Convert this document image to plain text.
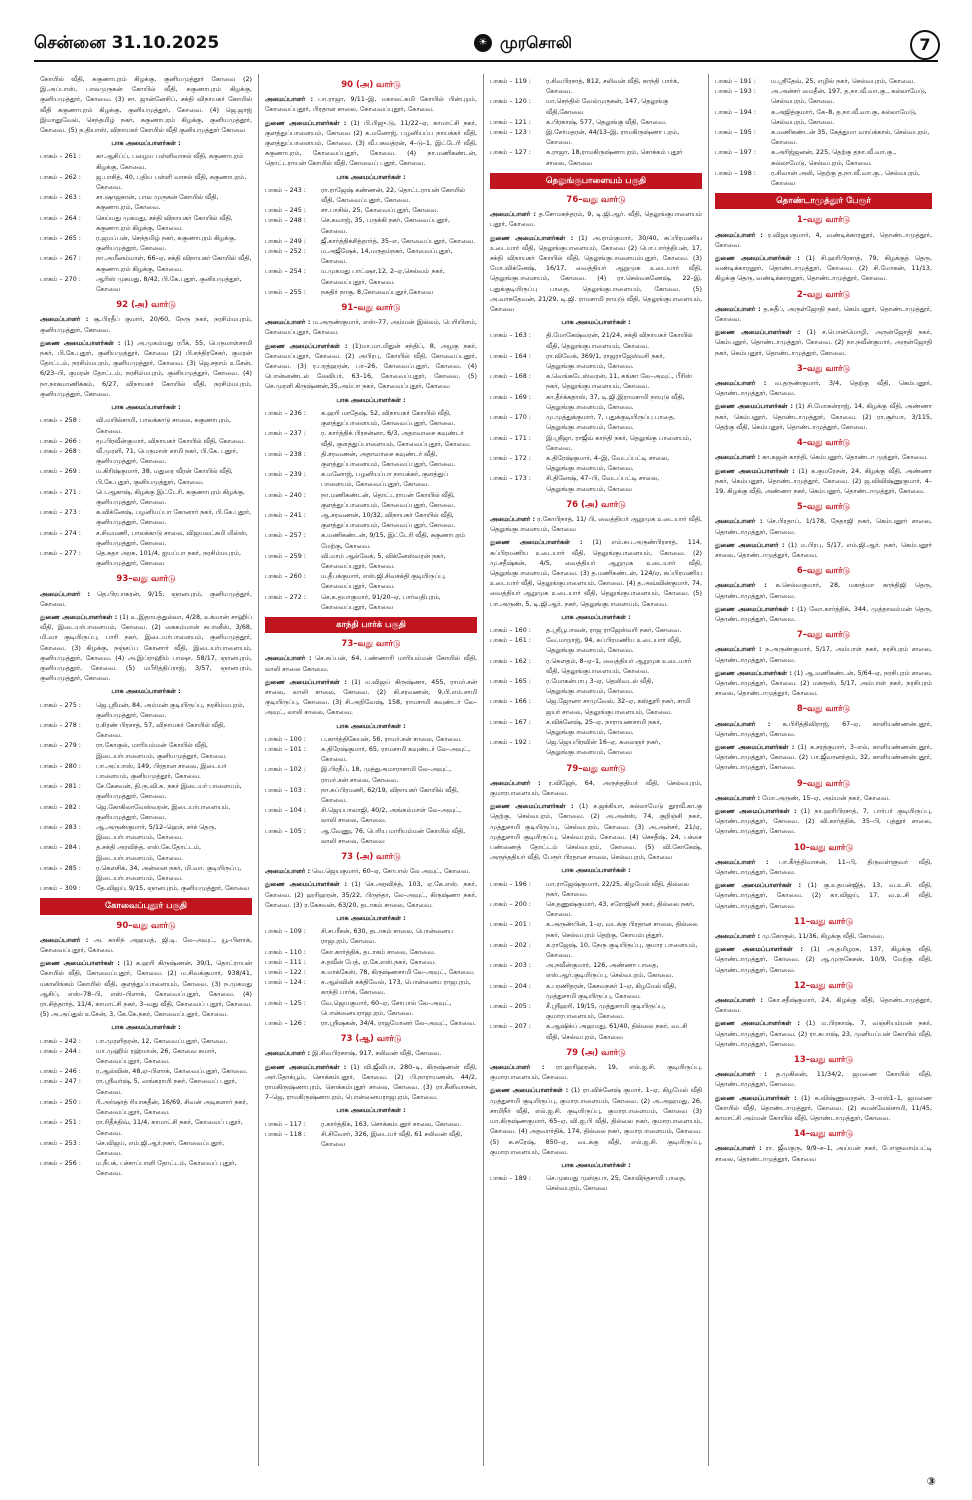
சென்னை 31.10.2025	☀ முரசொலி	7

கோயில் வீதி, சுகுணாபுரம் கிழக்கு, குனியமுத்தூர் கோவை (2) இ.அப்பாஸ், பாலமுருகன் கோயில் வீதி, சுகுணாபுரம் கிழக்கு, குனியமுத்தூர், கோவை. (3) சா. ஜான்னேசிப், சக்தி விநாயகர் கோயில் வீதி சுகுணாபுரம் கிழக்கு, குனியமுத்தூர், கோவை. (4) ஜெ.ஜாஜ் இமானுவேல், செந்தமிழ் நகர், சுகுணாபுரம் கிழக்கு, குனியமுத்தூர், கோவை. (5) ந.தியாஸ், விநாயகர் கோயில் வீதி குனியமுத்தூர் கோவை

பாக அமைப்பாளர்கள் :
பாகம் – 261 :	கா.ஆசிப்ப், பழைய பள்ளிவாசல் வீதி, சுகுணாபுரம் கிழக்கு, கோவை.
பாகம் – 262 :	ஜ.பாசித், 40, புதிய பள்ளி வாசல் வீதி, சுகுணாபுரம், கோவை.
பாகம் – 263 :	சா.ஷாஜகான், பால முருகன் கோயில் வீதி, சுகுணாபுரம், கோவை.
பாகம் – 264 :	செய்யது முகமது, சக்தி விநாயகர் கோயில் வீதி, சுகுணாபுரம் கிழக்கு, கோவை.
பாகம் – 265 :	ர.ஜமப்பன், செந்தமிழ் நகர், சுகுணாபுரம் கிழக்கு, குனியமுத்தூர், கோவை.
பாகம் – 267 :	நா.அமீனம்மாள், 66–ஏ, சக்தி விநாயகர் கோயில் வீதி, சுகுணாபுரம் கிழக்கு, கோவை.
பாகம் – 270 :	ஆரிஸ் முகமது, 8/42, பி.கே.புதூர், குனியமுத்தூர், கோவை
92 (அ) வார்டு

அமைப்பாளர் : சூ.பிரதீப் குமார், 20/60, நேரு நகர், நரசிம்மபுரம், குனியமுத்தூர், கோவை.

துணை அமைப்பாளர்கள் : (1) அ.முகம்மது ரபீக், 55, பெருமாள்சாமி நகர், பி.கே.புதூர், குனியமுத்தூர், கோவை (2) பி.சந்திரசேகர், குமரன் தோட்டம், நரசிம்மபுரம், குனியமுத்தூர், கோவை. (3) ஜெ.சதாம் உசேன், 6/23–பி, குமரன் தோட்டம், நரசிம்மபுரம், குனியமுத்தூர், கோவை. (4) நா.நாகமாணிக்கம், 6/27, விநாயகர் கோயில் வீதி, நரசிம்மபுரம், குனியமுத்தூர், கோவை.

பாக அமைப்பாளர்கள் :
பாகம் – 258 :	வி.மயில்சாமி, பாலக்காடு சாலை, சுகுணாபுரம், கோவை.
பாகம் – 266 :	மூ.பிரவீன்குமார், விநாயகர் கோயில் வீதி, கோவை.
பாகம் – 268 :	வீ.முரளி, 71, பெருமாள் சாமி நகர், பி.கே. புதூர், குனியமுத்தூர், கோவை.
பாகம் – 269 :	ம.கிரிஷ்குமார், 38, மதுரை வீரன் கோயில் வீதி, பி.கே.புதூர், குனியமுத்தூர், கோவை.
பாகம் – 271 :	பெ.ஆகாஷ், கிழக்கு இட்டேரி, சுகுணாபுரம் கிழக்கு, குனியமுத்தூர், கோவை.
பாகம் – 273 :	க.விக்னேஷ், பழனியப்பா கோனார் நகர், பி.கே.புதூர், குனியமுத்தூர், கோவை.
பாகம் – 274 :	ச.சிவமணி, பாலக்காடு சாலை, விஜயலட்சுமி மில்ஸ், குனியமுத்தூர், கோவை.
பாகம் – 277 :	தெ.சுதா அரசு, 101/4, ஐயப்பா நகர், நரசிம்மபுரம், குனியமுத்தூர், கோவை
93–வது வார்டு

அமைப்பாளர் : தெ.பிரபாகரன், 9/15, ஞானபுரம், குனியமுத்தூர், கோவை.

துணை அமைப்பாளர்கள் : (1) உ.இதாயத்துல்லா, 4/28, உக்மான் சாஹிப் வீதி, இடையர்பாளையம், கோவை. (2) கைகம்மான் சுபானீஸ், 3/68, மி.வா குடியிருப்பு, பாரி நகர், இடையர்பாளையம், குனியமுத்தூர், கோவை. (3) கிழக்கு, நஞ்சப்ப கோனார் வீதி, இடையர்பாளையம், குனியமுத்தூர், கோவை. (4) அ.இப்ராஹிம் பாஷா, 58/17, ஞானபுரம், குனியமுத்தூர், கோவை. (5) மபீரித்திப்ராஜ், 3/57, ஞானபுரம், குனியமுத்தூர், கோவை.

பாக அமைப்பாளர்கள் :
பாகம் – 275 :	ஜெ.ஸ்ரீமன், 84, அம்மன் குடியிருப்பு, நரசிம்மபுரம், குனியமுத்தூர், கோவை.
பாகம் – 278 :	ர.சிரண் பிரசாத், 57, விநாயகர் கோயில் வீதி, கோவை.
பாகம் – 279 :	ரா.கோகுல், மாரியம்மன் கோயில் வீதி, இடையர்பாளையம், குனியமுத்தூர், கோவை.
பாகம் – 280 :	பா.அப்பாஸ், 149, பிரதான சாலை, இடையர் பாளையம், குனியமுத்தூர், கோவை.
பாகம் – 281 :	சே.கேசவன், தி.ரு.வி.க. நகர் இடையர் பாளையம், குனியமுத்தூர், கோவை.
பாகம் – 282 :	ஜெ.கோகிலாவேஸ்வரன், இடையர்பாளையம், குனியமுத்தூர், கோவை.
பாகம் – 283 :	ஆ.அருண்குமார், 5/12–ஹெச், சர்ச் தெரு, இடையர்பாளையம், கோவை.
பாகம் – 284 :	த.சக்தி அரவிந்த், எஸ்.கே.தோட்டம், இடையர்பாளையம், கோவை.
பாகம் – 285 :	ர.கௌசிக், 34, அன்னை நகர், மி.வா. குடியிருப்பு, இடையர்பாளையம், கோவை.
பாகம் – 309 :	தே.விஜய், 9/15, ஞானபுரம், குனியமுத்தூர், கோவை
கோவைப்புதூர் பகுதி
90–வது வார்டு

அமைப்பாளர் : அ. காசிந் அஹமத், ஜி.டி. லே–அவுட், யூ–பிளாக், கோவைப்புதூர், கோவை.

துணை அமைப்பாளர்கள் : (1) க.ஹரி கிருஷ்ணன், 39/1, தொட்ராயன் கோயில் வீதி, கோவைப்புதூர், கோவை. (2) ம.சிவக்குமார், 938/41, மகாலிங்கம் கோயில் வீதி, குளத்துப்பாளையம், கோவை. (3) ந.முகமது ஆசிப், எஸ்–78–பி, எஸ்–பிளாக், கோவைப்புதூர், கோவை. (4) ரா.சித்தார்த், 11/4, காமாட்சி நகர், 3–வது வீதி, கோவைப் புதூர், கோவை. (5) அ.அப்துல் உசேன், 3, கே.கே.நகர், கோவைப்புதூர், கோவை.

பாக அமைப்பாளர்கள் :
பாகம் – 242 :	பா.முரளிதரன், 12, கோவைப்புதூர், கோவை.
பாகம் – 244 :	யா.முஹிம் ரஹ்மான், 26, கோவை சுமார், கோவைப்புதூர், கோவை.
பாகம் – 246 :	ர.ஆல்வின், 48,ஏ–பிளாக், கோவைப்புதூர், கோவை.
பாகம் – 247 :	ரா.ஸ்ரீவர்ஷ், 5, ஸங்கராயி நகர், கோவைப் புதூர், கோவை.
பாகம் – 250 :	ரி.அர்ஷாத் ரியாசுதீன், 16/69, சிவன் அடிகளார் நகர், கோவைப்புதூர், கோவை.
பாகம் – 251 :	ரா.ரிதீந்திவ், 11/4, காமாட்சி நகர், கோவைப் புதூர், கோவை.
பாகம் – 253 :	செ.விஜய், எம்.ஜி.ஆர்.நகர், கோவைப்புதூர், கோவை.
பாகம் – 256 :	ம.நீபக், பச்சாப்பாளி தோட்டம், கோவைப் புதூர், கோவை.
90 (அ) வார்டு

அமைப்பாளர் : பா.ராஜா, 9/11–இ, மகாலட்சுமி கோயில் பின்புறம், கோவைப்புதூர், பிரதான சாலை, கோவைப்புதூர், கோவை.

துணை அமைப்பாளர்கள் : (1) பி.பிஜு.டு, 11/22–ஏ, காமாட்சி நகர், குளத்துப்பாளையம், கோவை (2) க.மனோஜ், பழனியப்ப நாயக்கர் வீதி, குளத்துப்பாளையம், கோவை. (3) வீ.பகவத்ரன், 4–டு–1, இட்டேரி வீதி, சுகுணாபுரம், கோவைப்புதூர், கோவை. (4) நா.மணிகண்டன், தொட்டராயன் கோயில் வீதி, கோவைப் புதூர், கோவை.

பாக அமைப்பாளர்கள் :
பாகம் – 243 :	ரா.ராஜேஷ் கண்ணன், 22, தொட்டராயன் கோயில் வீதி, கோவைப்புதூர், கோவை.
பாகம் – 245 :	சா.பாசில், 25, கோவைப்புதூர், கோவை.
பாகம் – 248 :	செ.கவாஜ், 35, பருக்கி நகர், கோவைப்புதூர், கோவை.
பாகம் – 249 :	ஜீ.கார்த்திக்சித்தார்த், 35–எ, கோவைப்புதூர், கோவை.
பாகம் – 252 :	ம.அஜீஷேக், 14,மருதம்நகர், கோவைப்புதூர், கோவை.
பாகம் – 254 :	ம.முகமது பாட்ஷா,12, 2–ஏ,செல்வம் நகர், கோவைப்புதூர், கோவை.
பாகம் – 255 :	நசுதிர் நாகு, 8,கோவைப்புதூர்,கோவை
91–வது வார்டு

அமைப்பாளர் : ம.அருண்குமார், எஸ்–77, அம்மன் இல்லம், பெரியிளம், கோவைப்புதூர், கோவை.

துணை அமைப்பாளர்கள் : (1)மா.மா.மிதுன் சந்திப், 8, அழகு நகர், கோவைப்புதூர், கோவை. (2) அபிரபு, கோயில் வீதி, கோவைப்புதூர், கோவை. (3) ர.பரத்ஹரன், பா–26, கோவைப்புதூர், கோவை. (4) பொன்னண்டல் லேவிபர், 63–16, கோவைப்புதூர், கோவை. (5) செ.முரளி கிருஷ்ணன்,35,அம்பா நகர், கோவைப்புதூர், கோவை

பாக அமைப்பாளர்கள் :
பாகம் – 236 :	க.ஹரி மாதேஷ், 52, விநாயகர் கோயில் வீதி, குளத்துப்பாளையம், கோவைப்புதூர், கோவை.
பாகம் – 237 :	ர. கார்த்திக் பிரசன்னா, 6/3, அதாவாசை கவுண்டர் வீதி, குளத்துப்பாளையம், கோவைப்புதூர், கோவை.
பாகம் – 238 :	தி.சரவணன், அதாவாசை கவுண்டர் வீதி, குளத்துப்பாளையம், கோவைப்புதூர், கோவை.
பாகம் – 239 :	க.மனோஜ், பழனியப்பா நாயக்கர், குளத்துப் பாளையம், கோவைப்புதூர், கோவை.
பாகம் – 240 :	நா.மணிகண்டன், தொட்டராயன் கோயில் வீதி, குளத்துப்பாளையம், கோவைப்புதூர், கோவை.
பாகம் – 241 :	ஆ.சரவணன், 10/32, விநாயகர் கோயில் வீதி, குளத்துப்பாளையம், கோவைப்புதூர், கோவை.
பாகம் – 257 :	க.மணிகண்டன், 9/15, இட்டேரி வீதி, சுகுணாபுரம் மேற்கு, கோவை.
பாகம் – 259 :	வி.மாம் ஆல்லேக், 5, விக்னேஸ்வரன் நகர், கோவைப்புதூர், கோவை.
பாகம் – 260 :	ம.தீபக்குமார், எஸ்.ஜி.சிவசக்தி குடியிருப்பு, கோவைப்புதூர், கோவை.
பாகம் – 272 :	செ.க.தயாகுமார், 91/20–ஏ, பார்வதிபுரம், கோவைப்புதூர், கோவை
காந்தி பார்க் பகுதி
73–வது வார்டு

அமைப்பாளர் : செ.சுப்பன், 64, பண்ணாரி மாரியம்மன் கோயில் வீதி, லாலி சாலை கோவை.

துணை அமைப்பாளர்கள் : (1) ம.விஜய் கிருஷ்ணா, 455, ராமர்.சன் சாலை, லாலி சாலை, கோவை. (2) கி.சரவணன், 9,பி.எம்.சாமி குடியிருப்பு, கோவை. (3) சி.அறிவேஷ், 158, ராமசாமி கவுண்டர் லே–அவுட், லாலி சாலை, கோவை.

பாக அமைப்பாளர்கள் :
பாகம் – 100 :	ப.கார்த்திகேயன், 56, ராமர்.சன் சாலை, கோவை.
பாகம் – 101 :	க.திரேஷ்குமார், 65, ராமசாமி கவுண்டர் லே–அவுட், கோவை.
பாகம் – 102 :	இ.பிரதீப், 18, முத்துஅமாராசாமி லே–அவுட், ராமர்.சன் சாலை, கோவை.
பாகம் – 103 :	நா.சுப்பிரமணி, 62/19, விநாயகர் கோயில் வீதி, கோவை.
பாகம் – 104 :	சி.ஜெயபாலாஜி, 40/2, அங்கம்மாள் லே–அவுட், லாலி சாலை, கோவை.
பாகம் – 105 :	ஆ.வேணு, 76, பெரிய மாரியம்மன் கோயில் வீதி, லாலி சாலை, கோவை
73 (அ) வார்டு

அமைப்பாளர் : வெ.ஜெயகுமார், 60–ஏ, சோபால் லே அவுட், கோவை.

துணை அமைப்பாளர்கள் : (1) செ.அரவிந்த், 103, ஏ.கே.எஸ். நகர், கோவை. (2) ஹரிஹரன், 35/22, பிருந்தா, லே–அவுட், கிருஷ்ணா நகர், கோவை. (3) ர.கேசவன், 63/20, தடாகம் சாலை, கோவை.

பாக அமைப்பாளர்கள் :
பாகம் – 109 :	சி.சபரீசன், 630, தடாகம் சாலை, பொன்னைய ராஜபுரம், கோவை.
பாகம் – 110 :	கோ.கார்த்திக், தடாகம் சாலை, கோவை.
பாகம் – 111 :	ச.தவீன் பேத், ஏ.கே.எஸ்.நகர், கோவை.
பாகம் – 122 :	சு.மாக்கேஸ், 78, கிருஷ்ணசாமி லே–அவுட், கோவை.
பாகம் – 124 :	ச.ஆல்வின் சக்திவேல், 173, பொன்னைய ராஜபுரம், காந்தி பார்க், கோவை.
பாகம் – 125 :	வே.ஜெயகுமார், 60–ஏ, சோபால் லே–அவுட், பொன்னையராஜபுரம், கோவை.
பாகம் – 126 :	ரா.ஸ்ரீஷகன், 34/4, ராஜமோனர் லே–அவுட், கோவை.
73 (ஆ) வார்டு

அமைப்பாளர் : இ.சிவபிரகாஷ், 917, சலிவன் வீதி, கோவை.

துணை அமைப்பாளர்கள் : (1) வி.ஜீவிபா, 280–டி, கிருஷ்ணன் வீதி, அர்.தோக்பூம், சொக்கம்புதூர், கோவை. (2) பி.நாராயணன், 44/2, ராமகிருஷ்ணாபுரம், சொக்கம்புதூர் சாலை, கோவை. (3) ரா.சீனிவாசன், 7–ஜெ, ராமகிருஷ்ணாபுரம், பொன்னையராஜபுரம், கோவை.

பாக அமைப்பாளர்கள் :
பாகம் – 117 :	ர.கார்த்திக், 163, சொக்கம்புதூர் சாலை, கோவை.
பாகம் – 118 :	சி.சிவோர், 326, இடையர் வீதி, 61 சலிவன் வீதி, கோவை
பாகம் – 119 :	ர.சிவபிரசாத், 812, சலிவன் வீதி, காந்தி பார்க், கோவை.
பாகம் – 120 :	மா.செந்தில் வேல்முருகன், 147, தெலுங்கு வீதி,கோவை
பாகம் – 121 :	க.பிரகாஷ், 577, தெலுங்கு வீதி, கோவை.
பாகம் – 123 :	இ.சேர்மதரன், 44/13–இ, ராமகிருஷ்ணா புரம், கோவை.
பாகம் – 127 :	க.ராஜா, 18,ராமகிருஷ்ணாபுரம், சொக்கம் புதூர் சாலை, கோவை
தெலுங்குபாளையம் பகுதி
76–வது வார்டு

அமைப்பாளர் : த.சோமசுந்தரம், 9, டி.ஜி.ஆர். வீதி, தெலுங்குபாளையம் புதூர், கோவை.

துணை அமைப்பாளர்கள் : (1) அ.ராம்குமார், 30/40, சுப்பிரமணிய உடையார் வீதி, தெலுங்குபாளையம், கோவை (2) பொ.பார்த்திபன், 17, சக்தி விநாயகர் கோயில் வீதி, தெலுங்குபாளையம்புதூர், கோவை. (3) மோ.விக்னேஷ், 16/17, வைத்தியர் ஆறுமுக உடையார் வீதி, தெலுங்குபாளையம், கோவை. (4) ரா.செல்வகணேஷ், 22–இ, புதுக்குடியிருப்பு பாதை, தெலுங்குபாளையம், கோவை. (5) அ.வாசுதேவன், 21/29, டி.ஜி. ராமசாமி நாயுடு வீதி, தெலுங்குபாளையம், கோவை

பாக அமைப்பாளர்கள் :
பாகம் – 163 :	தி.மோகேஷ்வரன், 21/24, சக்தி விநாயகர் கோயில் வீதி, தெலுங்குபாளையம், கோவை.
பாகம் – 164 :	ரா.விவேக், 369/1, ராஜராஜேஸ்வரி நகர், தெலுங்குபாளையம், கோவை.
பாகம் – 168 :	க.வெங்கடேஸ்வரன், 11, கங்கா லே–அவுட், பீரிஸ் நகர், தெலுங்குபாளையம், கோவை.
பாகம் – 169 :	கா.தீர்க்கதாஸ், 37, டி.ஜி.இராமசாமி நாயுடு வீதி, தெலுங்குபாளையம், கோவை.
பாகம் – 170 :	மு.முத்துக்குமார், 7, புதுக்குடியிருப்பு பாதை, தெலுங்குபாளையம், கோவை.
பாகம் – 171 :	இ.ஸ்ரீஜா, ராஜீவ் காந்தி நகர், தெலுங்கு பாளையம், கோவை.
பாகம் – 172 :	க.திரேஷ்குமார், 4–இ, வேடப்பட்டி சாலை, தெலுங்குபாளையம், கோவை.
பாகம் – 173 :	சி.தினேஷ், 47–பி, வேடப்பட்டி சாலை, தெலுங்குபாளையம், கோவை
76 (அ) வார்டு

அமைப்பாளர் : ர.கோபிநாத், 11/ பி, வைத்தியர் ஆறுமுக உடையார் வீதி, தெலுங்குபாளையம், கோவை

துணை அமைப்பாளர்கள் : (1) எம்.சுப.அருண்பிரசாத், 114, சுப்பிரமணிய உடையார் வீதி, தெலுங்குபாளையம், கோவை. (2) மு.சதீஷ்கன், 4/5, வைத்தியர் ஆறுமுக உடையார் வீதி, தெலுங்குபாளையம், கோவை. (3) த.மணிகண்டன், 124/ஏ, சுப்பிரமணிய உடையார் வீதி, தெலுங்குபாளையம், கோவை. (4) த.அவ்வின்குமார், 74, வைத்தியர் ஆறுமுக உடையார் வீதி, தெலுங்குபாளையம், கோவை. (5) பா.அருண், 5, டி.ஜி.ஆர். நகர், தெலுங்குபாளையம், கோவை.

பாக அமைப்பாளர்கள் :
பாகம் – 160 :	த.ஸ்ரீபூபாலன், ராஜ ராஜேஸ்வரி நகர், கோவை.
பாகம் – 161 :	வே.மாறாஜ், 94, சுப்பிரமணிய உடையார் வீதி, தெலுங்குபாளையம், கோவை.
பாகம் – 162 :	ர.கௌதம், 8–ஏ–1, வைத்தியர் ஆறுமுக உடையார் வீதி, தெலுங்குபாளையம், கோவை.
பாகம் – 165 :	ர.மோகன்பாபு 3–ஏ, தெலிவடல் வீதி, தெலுங்குபாளையம், கோவை.
பாகம் – 166 :	ஜெ.ஜோனா சாமுவேல், 32–ஏ, கஸ்தூரி நகர், சாமி ஜயர் சாலை, தெலுங்குபாளையம், கோவை.
பாகம் – 167 :	ச.விக்னேஷ், 25–ஏ, நாராயணசாமி நகர், தெலுங்குபாளையம், கோவை.
பாகம் – 192 :	ஜெ.ஜெயபிரவின் 16–ஏ, கலைஞர் நகர், தெலுங்குபாளையம், கோவை
79–வது வார்டு

அமைப்பாளர் : ர.விஜேந், 64, அருந்ததியர் வீதி, செல்வபுரம், குமாரபாளையம், கோவை.

துணை அமைப்பாளர்கள் : (1) ச.ஜக்கியா, கல்லாமேடு தூரவீ.கா.கு தெற்கு, செல்வபுரம், கோவை. (2) அ.அன்ஸ், 74, குறிஞ்சி நகர், முத்துசாமி குடியிருப்பு, செல்வபுரம், கோவை. (3) அ.அன்சர், 21/ஏ, முத்துசாமி குடியிருப்பு, செல்வபுரம், கோவை. (4) செசதீஷ், 24, பச்சை பண்ணைத் தோட்டம் செல்வபுரம், கோவை. (5) வி.கோகேஷ், அருந்ததியர் வீதி, பேரூர் பிரதான சாலை, செல்வபுரம், கோவை

பாக அமைப்பாளர்கள் :
பாகம் – 196 :	மா.ராஜேஷ்குமார், 22/25, கிழமேல் வீதி, தில்லை நகர், கோவை.
பாகம் – 200 :	செ.தணுஷ்குமார், 43, சரோஜினி நகர், தில்லை நகர், கோவை.
பாகம் – 201 :	க.அருண்பின், 1–ஏ, வடக்கு பிரதான சாலை, தில்லை நகர், செல்வபுரம் தெற்கு, கோயம்புத்தூர்.
பாகம் – 202 :	க.ராஜேஷ், 10, நேரு குடியிருப்பு, குமார பாளையம், கோவை.
பாகம் – 203 :	அ.நவீன்குமார், 126, அண்ணா பாதை, எஸ்.ஆர்.குடியிருப்பு, செல்வபுரம், கோவை.
பாகம் – 204 :	க.பரணிதரன், கேசவநகர் 1–ஏ, கிழமேல் வீதி, முத்துசாமி குடியிருப்பு, கோவை.
பாகம் – 205 :	சீ.ஸ்ரீஹரி, 19/15, முத்துசாமி குடியிருப்பு, குமாரபாளையம், கோவை.
பாகம் – 207 :	க.ஆஷிக்ப் அஹமது, 61/40, தில்லை நகர், வடசி வீதி, செல்வபுரம், கோவை
79 (அ) வார்டு

அமைப்பாளர் : ரா.ஹரிஹரன், 19, எல்.ஐ.சி. குடியிருப்பு, குமாரபாளையம், கோவை.

துணை அமைப்பாளர்கள் : (1) ரா.விக்னேஷ் குமார், 1–ஏ, கிழமேல் வீதி முத்துசாமி குடியிருப்பு, குமாரபாளையம், கோவை. (2) அ.அஹமது, 26, சாமிநீர் வீதி, எல்.ஐ.சி. குடியிருப்பு, குமாரபாளையம், கோவை (3) மா.கிருஷ்ணகுமார், 65–ஏ, வி.ஐ.பி வீதி, தில்லை நகர், குமாரபாளையம், கோவை. (4) அதவார்திக், 174, தில்லை நகர், குமாரபாளையம், கோவை. (5) க.சுரேஷ், 850–ஏ, வடக்கு வீதி, எல்.ஐ.சி. குடியிருப்பு, குமாரபாளையம், கோவை.

பாக அமைப்பாளர்கள் :
பாகம் – 189 :	செ.முகமது முஸ்தபா, 25, கோவிந்தசாமி பாதை, செல்வபுரம், கோவை
பாகம் – 191 :	ம.ஸ்ரீதேவ், 25, எழில் நகர், செல்வபுரம், கோவை.
பாகம் – 193 :	அ.அன்சர் மைதீன், 197, த.நா.வீ.வா.கு., கல்லாமேடு, செல்வபுரம், கோவை.
பாகம் – 194 :	க.அஜித்குமார், கே–8, த.நா.வீ.வா.கு, கல்லாமேடு, செல்வபுரம், கோவை.
பாகம் – 195 :	க.மணிகண்டன் 35, கேத்துமா வாய்க்கால், செல்வபுரம், கோவை.
பாகம் – 197 :	க.அரிஜ்ஜனன், 225, தெற்கு தநா.வீ.வா.கு., கல்லாமேடு, செல்வபுரம், கோவை.
பாகம் – 198 :	ர.சிவான் அலி, தெற்கு த.நா.வீ.வா.கு., செல்வபுரம், கோவை
தொண்டாமுத்தூர் பேரூர்
1–வது வார்டு

அமைப்பாளர் : ர.விஜயகுமார், 4, வண்டிக்காரனூர், தொண்டாமுத்தூர், கோவை.

துணை அமைப்பாளர்கள் : (1) சி.ஹரிபிரசாத், 79, கிழக்குத் தெரு, வண்டிக்காரனூர், தொண்டாமுத்தூர், கோவை. (2) சி.மோகன், 11/13, கிழக்கு தெரு, வண்டிக்காரனூர், தொண்டாமுத்தூர், கோவை.

2–வது வார்டு

அமைப்பாளர் : த.சுதீப், அருள்ஜோதி நகர், கெம்பனூர், தொண்டாமுத்தூர், கோவை.

துணை அமைப்பாளர்கள் : (1) ச.பொன்மொழி, அருள்ஜோதி நகர், கெம்பனூர், தொண்டாமுத்தூர், கோவை. (2) நா.நவீன்குமார், அருள்ஜோதி நகர், கெம்பனூர், தொண்டாமுத்தூர், கோவை.

3–வது வார்டு

அமைப்பாளர் : வ.தருண்குமார், 3/4, தெற்கு வீதி, கெம்பனூர், தொண்டாமுத்தூர், கோவை.

துணை அமைப்பாளர்கள் : (1) சி.மோகன்ராஜ், 14, கிழக்கு வீதி, அண்ணா நகர், கெம்பனூர், தொண்டாமுத்தூர், கோவை. (2) ரா.சூர்யா, 3/115, தெற்கு வீதி, கெம்பனூர், தொண்டாமுத்தூர், கோவை.

4–வது வார்டு

அமைப்பாளர் : கா.சுஜன் காந்தி, கெம்பனூர், தொண்டா முத்தூர், கோவை.

துணை அமைப்பாளர்கள் : (1) க.குமரேசன், 24, கிழக்கு வீதி, அண்ணா நகர், கெம்பனூர், தொண்டாமுத்தூர், கோவை. (2) ஜ.விவிஷ்ணுகுமார், 4–19, கிழக்கு வீதி, அண்ணா நகர், கெம்பனூர், தொண்டாமுத்தூர், கோவை.

5–வது வார்டு

அமைப்பாளர் : செ.பிரதாப், 1/178, நேதாஜி நகர், கெம்பனூர் சாலை, தொண்டாமுத்தூர், கோவை.

துணை அமைப்பாளர் : (1) ம.பிரபு, 5/17, எம்.ஜி.ஆர். நகர், கெம்பனூர் சாலை, தொண்டாமுத்தூர், கோவை.

6–வது வார்டு

அமைப்பாளர் : க.செல்வகுமார், 28, மகாத்மா காந்திஜி தெரு, தொண்டாமுத்தூர், கோவை.

துணை அமைப்பாளர்கள் : (1) லோ.கார்த்திக், 344, முத்தாலம்மன் தெரு, தொண்டாமுத்தூர், கோவை.

7–வது வார்டு

அமைப்பாளர் : ந.அருண்குமார், 5/17, அம்பாள் நகர், நரசிபுரம் சாலை, தொண்டாமுத்தூர், கோவை.

துணை அமைப்பாளர்கள் : (1) ஆ.மணிகண்டன், 5/64–ஏ, நரசிபுரம் சாலை, தொண்டாமுத்தூர், கோவை. (2) மகரூஸ், 5/17, அம்பாள் நகர், நரசிபுரம் சாலை, தொண்டாமுத்தூர், கோவை.

8–வது வார்டு

அமைப்பாளர் : க.பிரித்திவிராஜ், 67–ஏ, காளியண்ணன்புதூர், தொண்டாமுத்தூர், கோவை.

துணை அமைப்பாளர்கள் : (1) க.சரத்குமார், 3–எல், காளியண்ணன்புதூர், தொண்டாமுத்தூர், கோவை. (2) பா.ஜீவானந்தம், 32, காளியண்ணன்புதூர், தொண்டாமுத்தூர், கோவை.

9–வது வார்டு

அமைப்பாளர் : மோ.அருண், 15–ஏ, அம்மன் நகர், கோவை.

துணை அமைப்பாளர்கள் : (1) நா.ஹரிபிரசாத், 7, பார்பர் குடியிருப்பு, தொண்டாமுத்தூர், கோவை. (2) வி.கார்த்திக், 35–பி, புத்தூர் சாலை, தொண்டாமுத்தூர், கோவை.

10–வது வார்டு

அமைப்பாளர் : பா.கீர்த்திவாசன், 11–பி, திருவள்ளுவர் வீதி, தொண்டாமுத்தூர், கோவை.

துணை அமைப்பாளர்கள் : (1) கு.உதயன்ஜித், 13, வ.உ.சி. வீதி, தொண்டாமுத்தூர், கோவை. (2) கா.விஜய், 17, வ.உ.சி வீதி, தொண்டாமுத்தூர், கோவை.

11–வது வார்டு

அமைப்பாளர் : மு.கோகுல், 11/36, கிழக்கு வீதி, கோவை.

துணை அமைப்பாளர்கள் : (1) அ.தமிழரசு, 137, கிழக்கு வீதி, தொண்டாமுத்தூர், கோவை. (2) ஆ.முருகேசன், 10/9, மேற்கு வீதி, தொண்டாமுத்தூர், கோவை.

12–வது வார்டு

அமைப்பாளர் : கோ.சதீஷ்குமார், 24, கிழக்கு வீதி, தொண்டாமுத்தூர், கோவை.

துணை அமைப்பாளர்கள் : (1) ம.பிரகாஷ், 7, வஞ்சியம்மன் நகர், தொண்டாமுத்தூர், கோவை. (2) ரா.சுபாஷ், 23, முனியப்பன் கோயில் வீதி, தொண்டாமுத்தூர், கோவை.

13–வது வார்டு

அமைப்பாளர் : த.முகிலன், 11/34/2, ஜமணை கோயில் வீதி, தொண்டாமுத்தூர், கோவை.

துணை அமைப்பாளர்கள் : (1) சு.விஷ்ணுவரதன், 3–எஸ்1–1, ஜமணை கோயில் வீதி, தொண்டாமுத்தூர், கோவை. (2) சுமன்வேல்சாமி, 11/45, காமாட்சி அம்மன் கோயில் வீதி, தொண்டாமுத்தூர், கோவை.

14–வது வார்டு

அமைப்பாளர் : ரா. ஜீவகுரு, 9/9–ச–1, அய்யன் நகர், போளுவாம்பட்டி சாலை, தொண்டாமுத்தூர், கோவை

③
